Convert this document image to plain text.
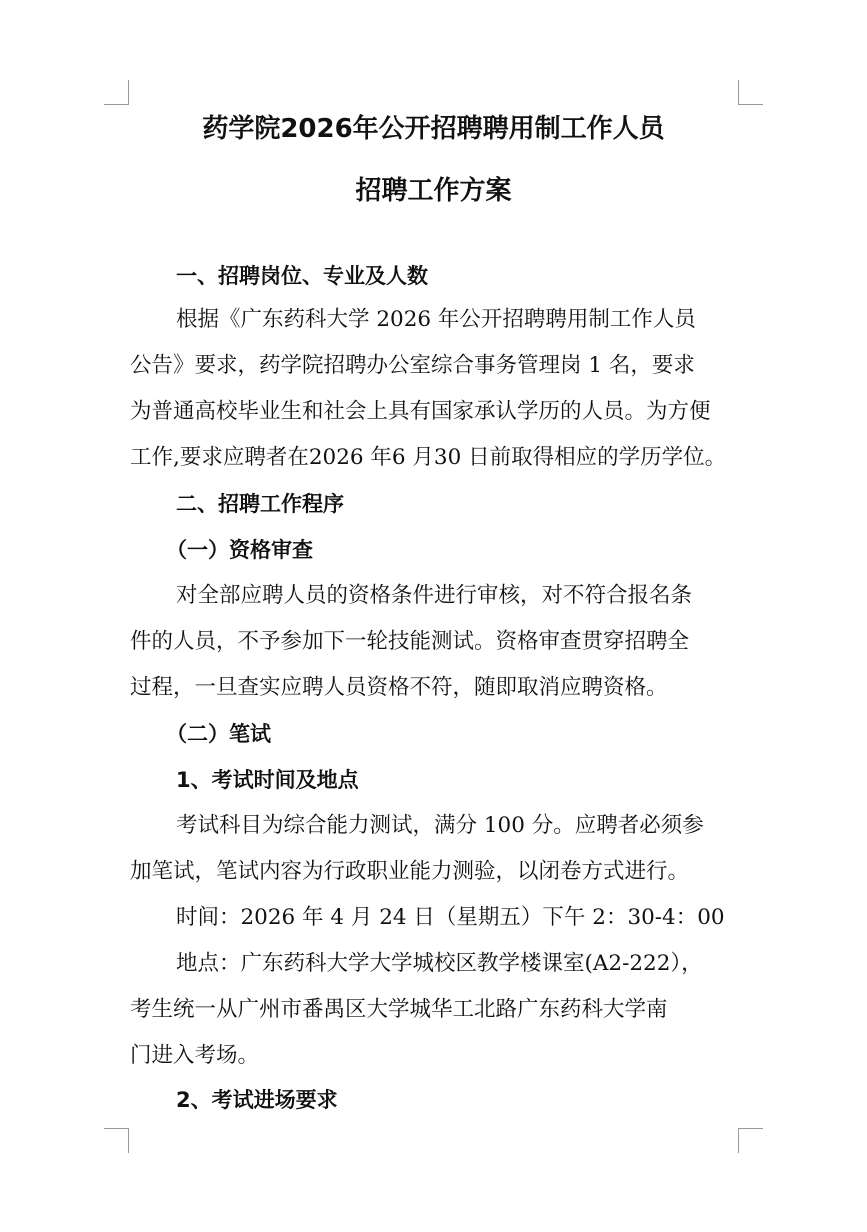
药学院2026年公开招聘聘用制工作人员
招聘工作方案
一、招聘岗位、专业及人数
根据《广东药科大学 2026 年公开招聘聘用制工作人员
公告》要求，药学院招聘办公室综合事务管理岗 1 名，要求
为普通高校毕业生和社会上具有国家承认学历的人员。为方便
工作,要求应聘者在2026 年6 月30 日前取得相应的学历学位。
二、招聘工作程序
（一）资格审查
对全部应聘人员的资格条件进行审核，对不符合报名条
件的人员，不予参加下一轮技能测试。资格审查贯穿招聘全
过程，一旦查实应聘人员资格不符，随即取消应聘资格。
（二）笔试
1、考试时间及地点
考试科目为综合能力测试，满分 100 分。应聘者必须参
加笔试，笔试内容为行政职业能力测验，以闭卷方式进行。
时间：2026 年 4 月 24 日（星期五）下午 2：30-4：00
地点：广东药科大学大学城校区教学楼课室(A2-222），
考生统一从广州市番禺区大学城华工北路广东药科大学南
门进入考场。
2、考试进场要求
